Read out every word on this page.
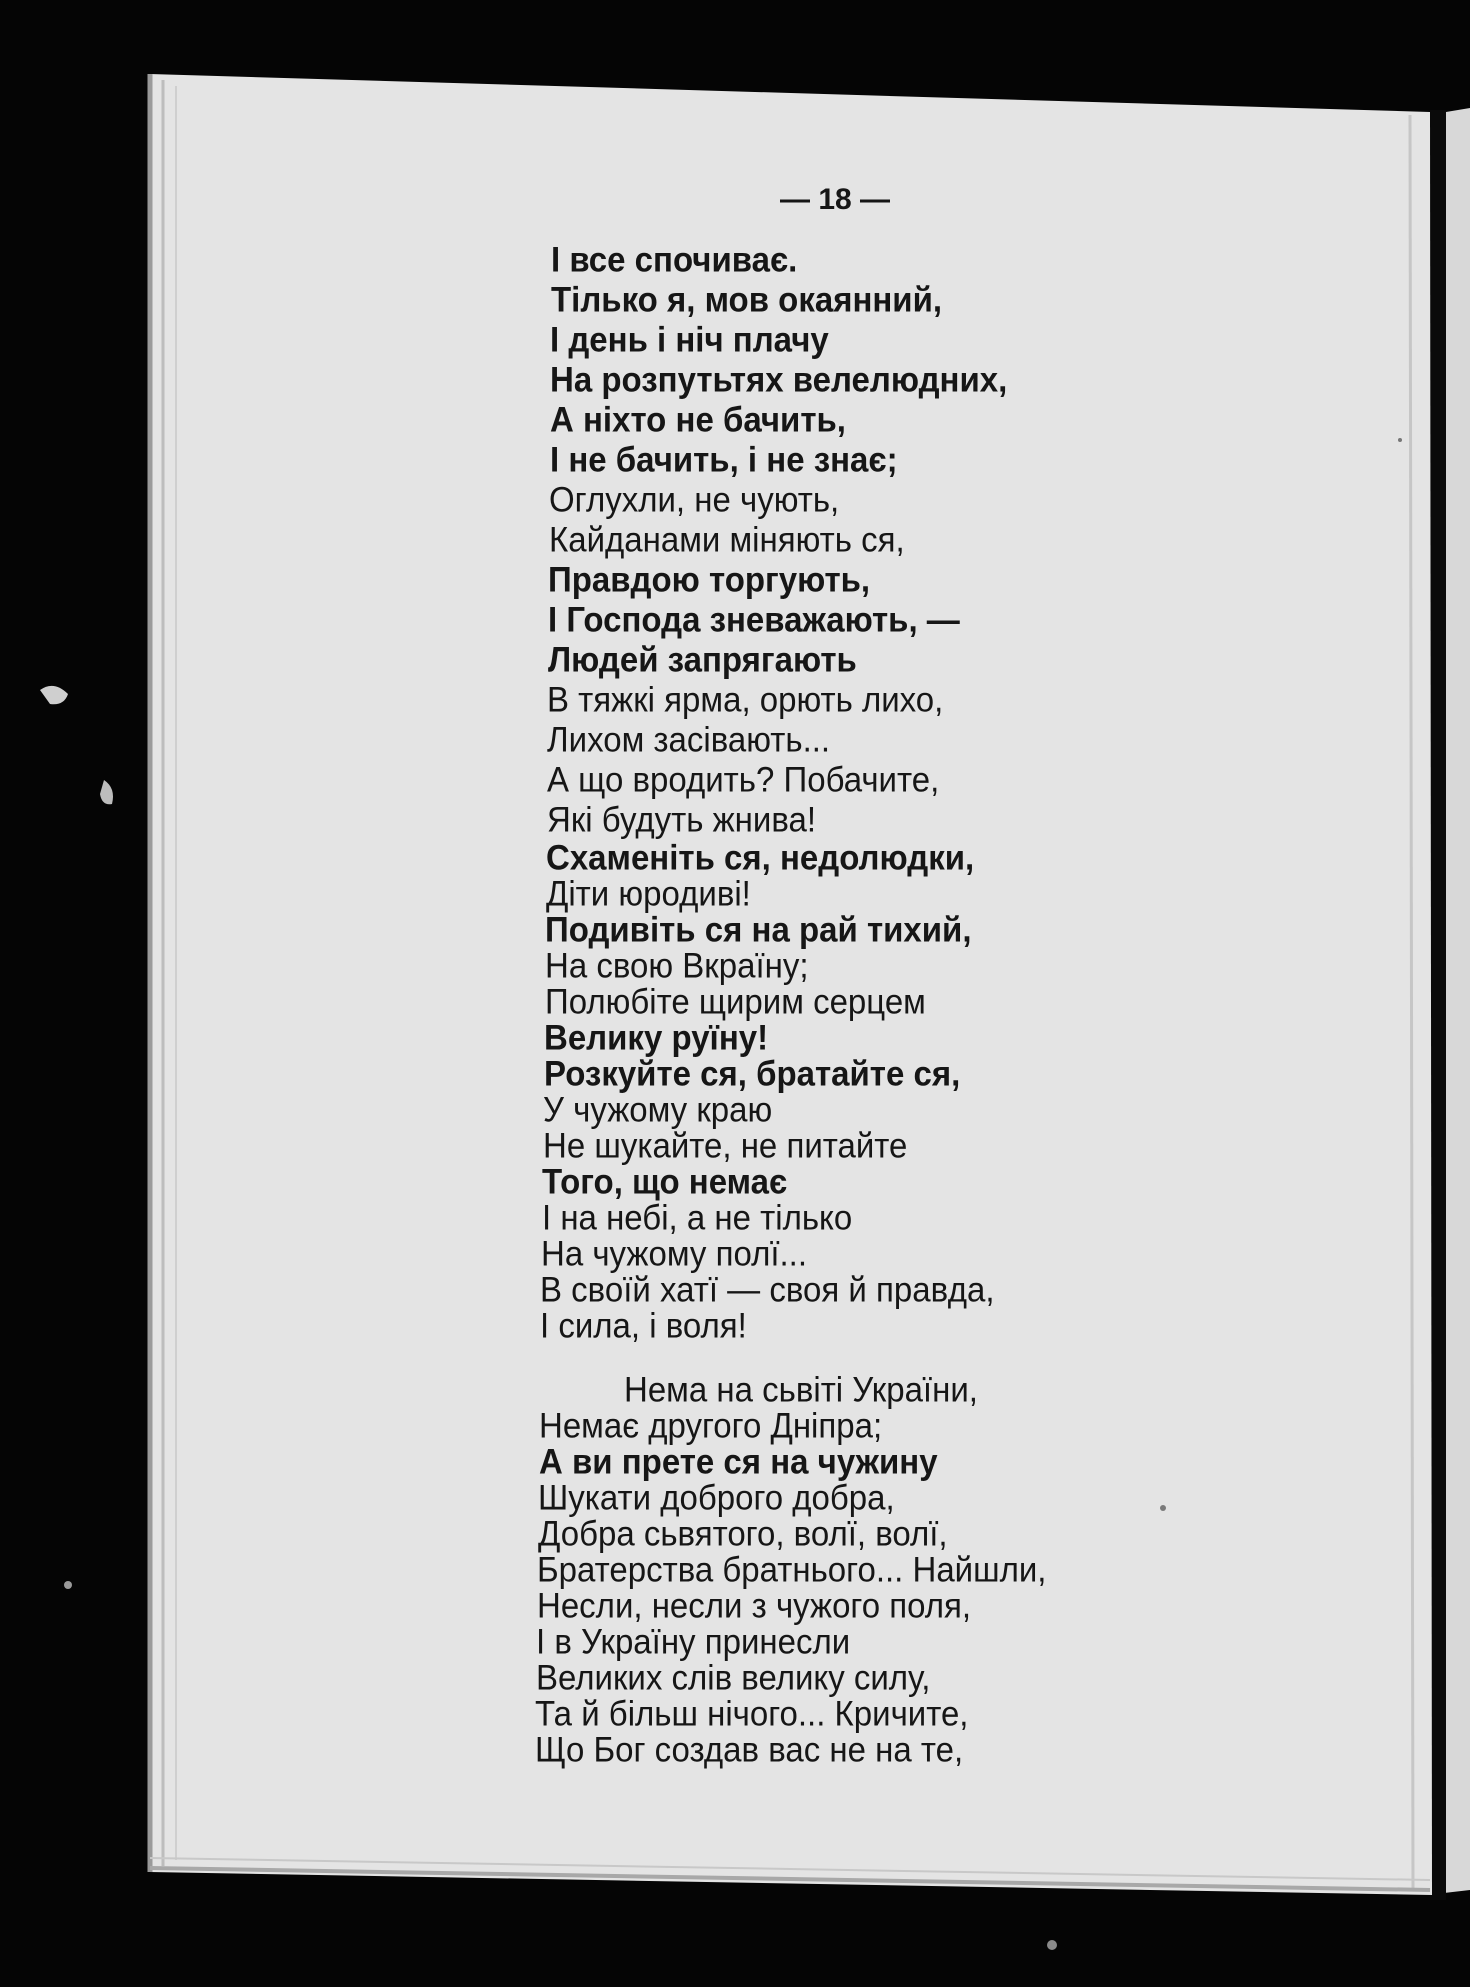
— 18 —
І все спочиває.
Тілько я, мов окаянний,
І день і ніч плачу
На розпутьтях велелюдних,
А ніхто не бачить,
І не бачить, і не знає;
Оглухли, не чують,
Кайданами міняють ся,
Правдою торгують,
І Господа зневажають, —
Людей запрягають
В тяжкі ярма, орють лихо,
Лихом засівають...
А що вродить? Побачите,
Які будуть жнива!
Схаменіть ся, недолюдки,
Діти юродиві!
Подивіть ся на рай тихий,
На свою Вкраїну;
Полюбіте щирим серцем
Велику руїну!
Розкуйте ся, братайте ся,
У чужому краю
Не шукайте, не питайте
Того, що немає
І на небі, а не тілько
На чужому полї...
В своїй хатї — своя й правда,
І сила, і воля!
Нема на сьвіті України,
Немає другого Дніпра;
А ви прете ся на чужину
Шукати доброго добра,
Добра сьвятого, волї, волї,
Братерства братнього... Найшли,
Несли, несли з чужого поля,
І в Україну принесли
Великих слів велику силу,
Та й більш нічого... Кричите,
Що Бог создав вас не на те,
